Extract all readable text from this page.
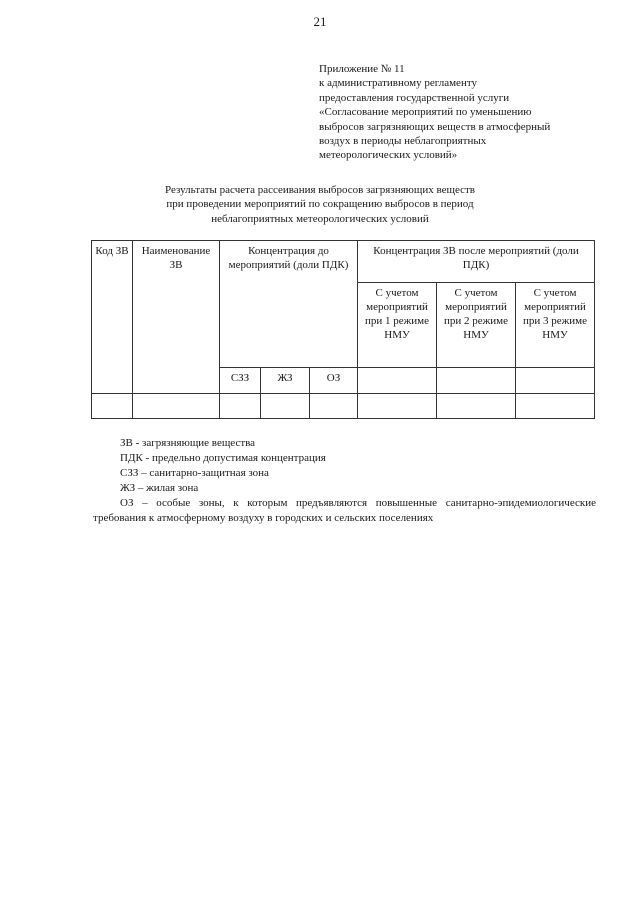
21
Приложение № 11
к административному регламенту
предоставления государственной услуги
«Согласование мероприятий по уменьшению
выбросов загрязняющих веществ в атмосферный
воздух в периоды неблагоприятных
метеорологических условий»
Результаты расчета рассеивания выбросов загрязняющих веществ
при проведении мероприятий по сокращению выбросов в период
неблагоприятных метеорологических условий
Код ЗВ	Наименование ЗВ	Концентрация до мероприятий (доли ПДК)			Концентрация ЗВ после мероприятий (доли ПДК)		
					С учетом мероприятий при 1 режиме НМУ	С учетом мероприятий при 2 режиме НМУ	С учетом мероприятий при 3 режиме НМУ
		СЗЗ	ЖЗ	ОЗ			

ЗВ - загрязняющие вещества
ПДК - предельно допустимая концентрация
СЗЗ – санитарно-защитная зона
ЖЗ – жилая зона
ОЗ – особые зоны, к которым предъявляются повышенные санитарно-эпидемиологические требования к атмосферному воздуху в городских и сельских поселениях
